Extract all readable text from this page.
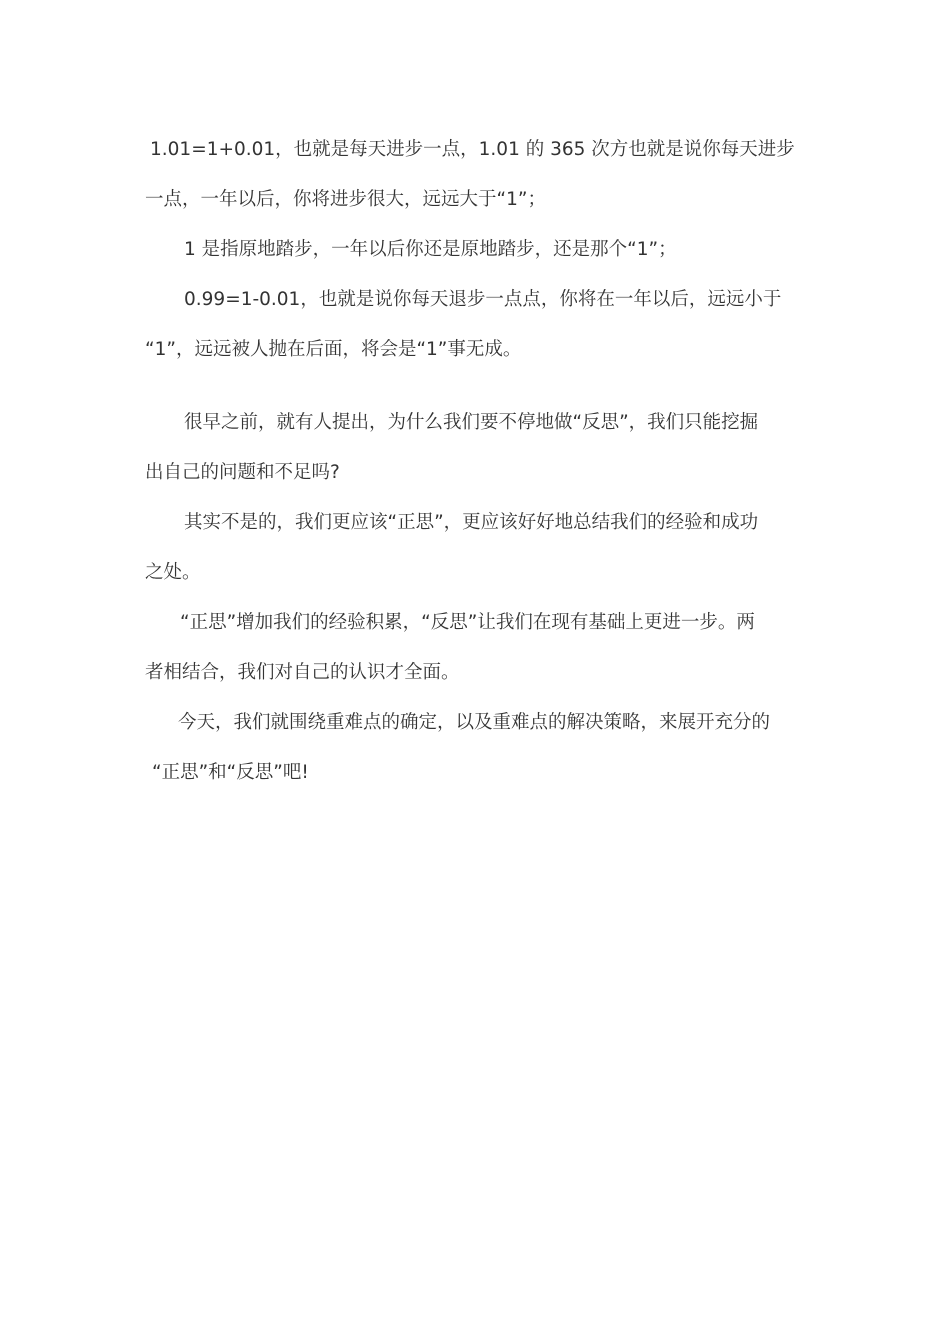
1.01=1+0.01，也就是每天进步一点，1.01 的 365 次方也就是说你每天进步
一点，一年以后，你将进步很大，远远大于“1”；
1 是指原地踏步，一年以后你还是原地踏步，还是那个“1”；
0.99=1-0.01，也就是说你每天退步一点点，你将在一年以后，远远小于
“1”，远远被人抛在后面，将会是“1”事无成。
很早之前，就有人提出，为什么我们要不停地做“反思”，我们只能挖掘
出自己的问题和不足吗?
其实不是的，我们更应该“正思”，更应该好好地总结我们的经验和成功
之处。
“正思”增加我们的经验积累，“反思”让我们在现有基础上更进一步。两
者相结合，我们对自己的认识才全面。
今天，我们就围绕重难点的确定，以及重难点的解决策略，来展开充分的
“正思”和“反思”吧!
